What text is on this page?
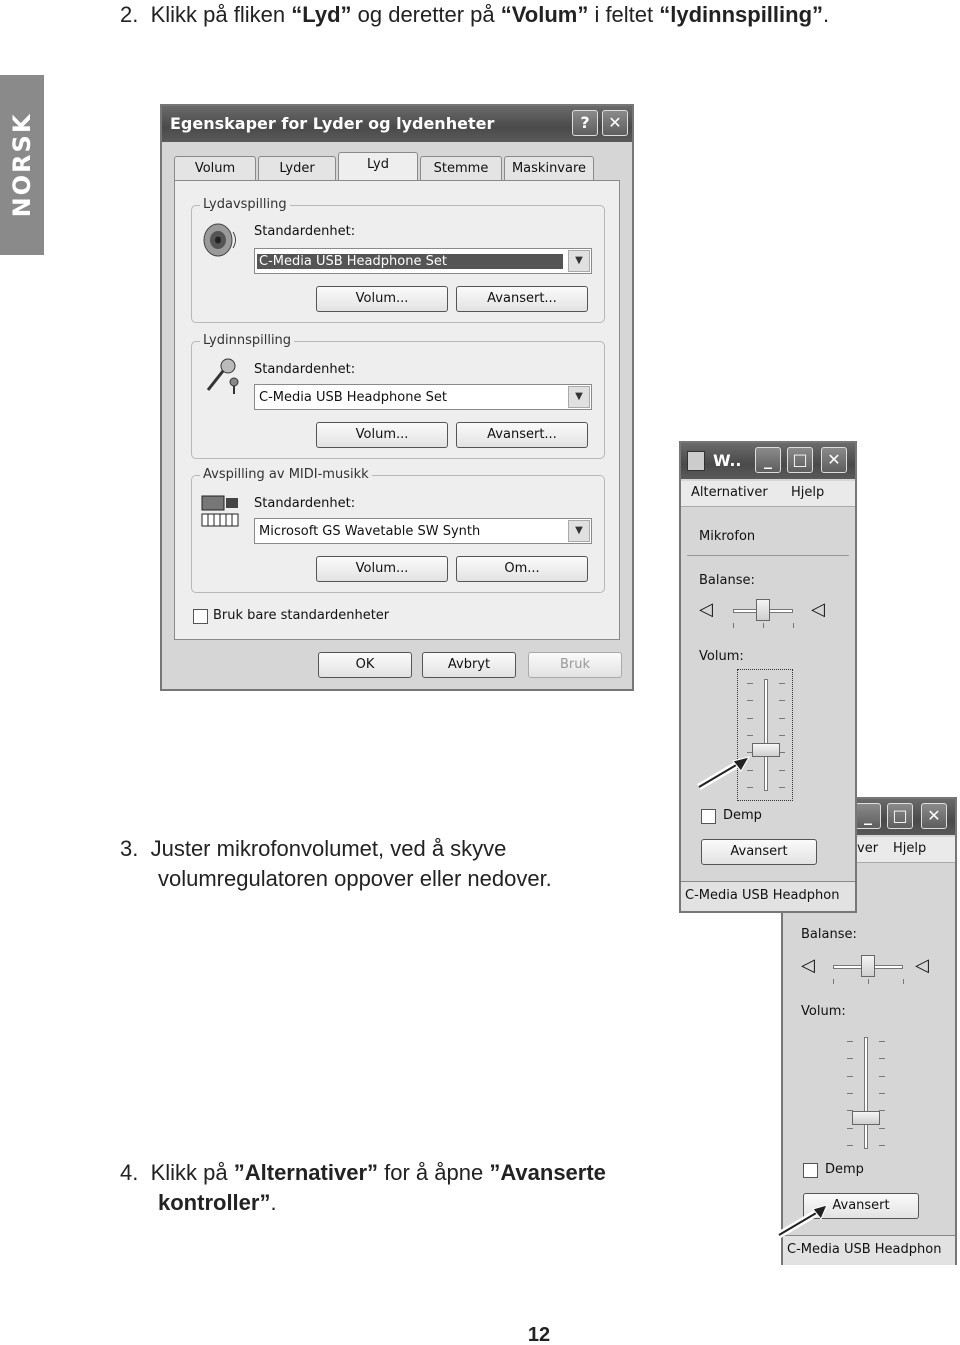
NORSK
2. Klikk på fliken “Lyd” og deretter på “Volum” i feltet “lydinnspilling”.
Egenskaper for Lyder og lydenheter	?	✕
Volum	Lyder	Lyd	Stemme	Maskinvare
Lydavspilling
Standardenhet:
C-Media USB Headphone Set	▼
Volum...	Avansert...
Lydinnspilling
Standardenhet:
C-Media USB Headphone Set	▼
Volum...	Avansert...
Avspilling av MIDI-musikk
Standardenhet:
Microsoft GS Wavetable SW Synth	▼
Volum...	Om...
Bruk bare standardenheter
OK	Avbryt	Bruk
_	□	✕
ver Hjelp
Balanse:
◁	◁
Volum:
Demp
Avansert
C-Media USB Headphon
W..	_	□	✕
Alternativer Hjelp
Mikrofon
Balanse:
◁	◁
Volum:
Demp
Avansert
C-Media USB Headphon
3. Juster mikrofonvolumet, ved å skyve
volumregulatoren oppover eller nedover.
4. Klikk på ”Alternativer” for å åpne ”Avanserte
kontroller”.
12
